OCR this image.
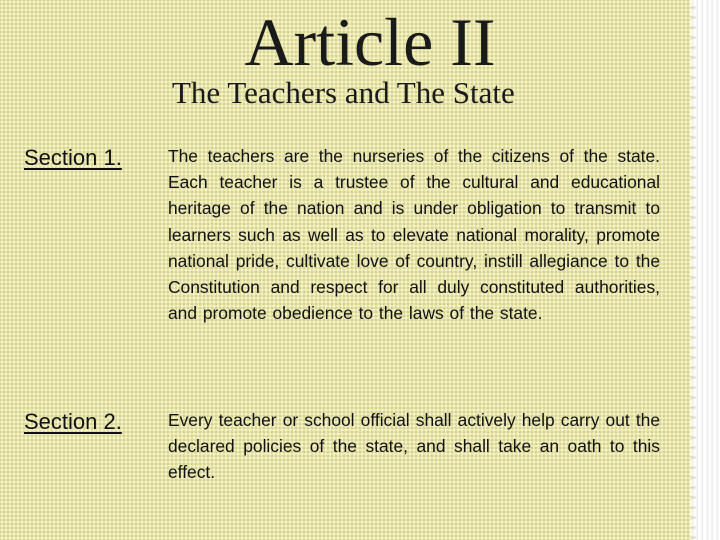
Article II
The Teachers and The State
Section 1.	The teachers are the nurseries of the citizens of the state. Each teacher is a trustee of the cultural and educational heritage of the nation and is under obligation to transmit to learners such as well as to elevate national morality, promote national pride, cultivate love of country, instill allegiance to the Constitution and respect for all duly constituted authorities, and promote obedience to the laws of the state.

Section 2.	Every teacher or school official shall actively help carry out the declared policies of the state, and shall take an oath to this effect.
